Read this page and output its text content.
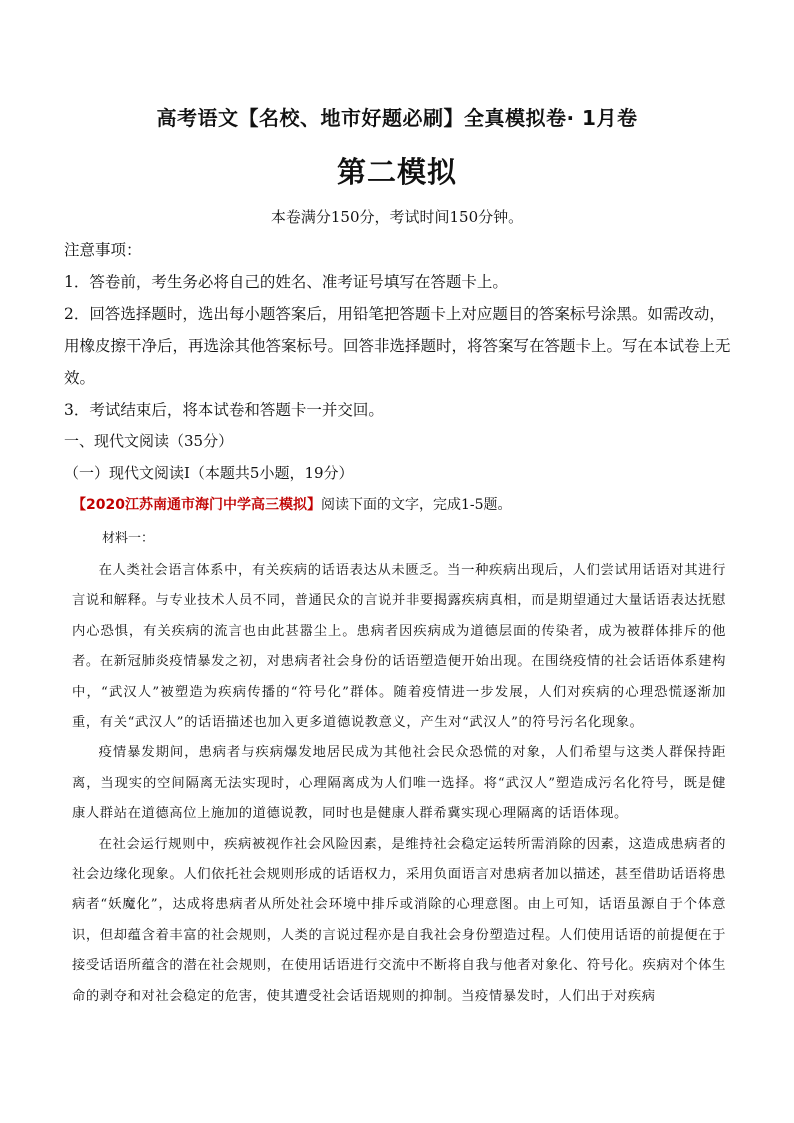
高考语文【名校、地市好题必刷】全真模拟卷· 1月卷
第二模拟
本卷满分150分，考试时间150分钟。

注意事项：

1．答卷前，考生务必将自己的姓名、准考证号填写在答题卡上。

2．回答选择题时，选出每小题答案后，用铅笔把答题卡上对应题目的答案标号涂黑。如需改动，用橡皮擦干净后，再选涂其他答案标号。回答非选择题时，将答案写在答题卡上。写在本试卷上无效。

3．考试结束后，将本试卷和答题卡一并交回。

一、现代文阅读（35分）
（一）现代文阅读Ⅰ（本题共5小题，19分）
【2020江苏南通市海门中学高三模拟】阅读下面的文字，完成1-5题。
材料一：

在人类社会语言体系中，有关疾病的话语表达从未匮乏。当一种疾病出现后，人们尝试用话语对其进行言说和解释。与专业技术人员不同，普通民众的言说并非要揭露疾病真相，而是期望通过大量话语表达抚慰内心恐惧，有关疾病的流言也由此甚嚣尘上。患病者因疾病成为道德层面的传染者，成为被群体排斥的他者。在新冠肺炎疫情暴发之初，对患病者社会身份的话语塑造便开始出现。在围绕疫情的社会话语体系建构中，“武汉人”被塑造为疾病传播的“符号化”群体。随着疫情进一步发展，人们对疾病的心理恐慌逐渐加重，有关“武汉人”的话语描述也加入更多道德说教意义，产生对“武汉人”的符号污名化现象。

疫情暴发期间，患病者与疾病爆发地居民成为其他社会民众恐慌的对象，人们希望与这类人群保持距离，当现实的空间隔离无法实现时，心理隔离成为人们唯一选择。将“武汉人”塑造成污名化符号，既是健康人群站在道德高位上施加的道德说教，同时也是健康人群希冀实现心理隔离的话语体现。

在社会运行规则中，疾病被视作社会风险因素，是维持社会稳定运转所需消除的因素，这造成患病者的社会边缘化现象。人们依托社会规则形成的话语权力，采用负面语言对患病者加以描述，甚至借助话语将患病者“妖魔化”，达成将患病者从所处社会环境中排斥或消除的心理意图。由上可知，话语虽源自于个体意识，但却蕴含着丰富的社会规则，人类的言说过程亦是自我社会身份塑造过程。人们使用话语的前提便在于接受话语所蕴含的潜在社会规则，在使用话语进行交流中不断将自我与他者对象化、符号化。疾病对个体生命的剥夺和对社会稳定的危害，使其遭受社会话语规则的抑制。当疫情暴发时，人们出于对疾病
